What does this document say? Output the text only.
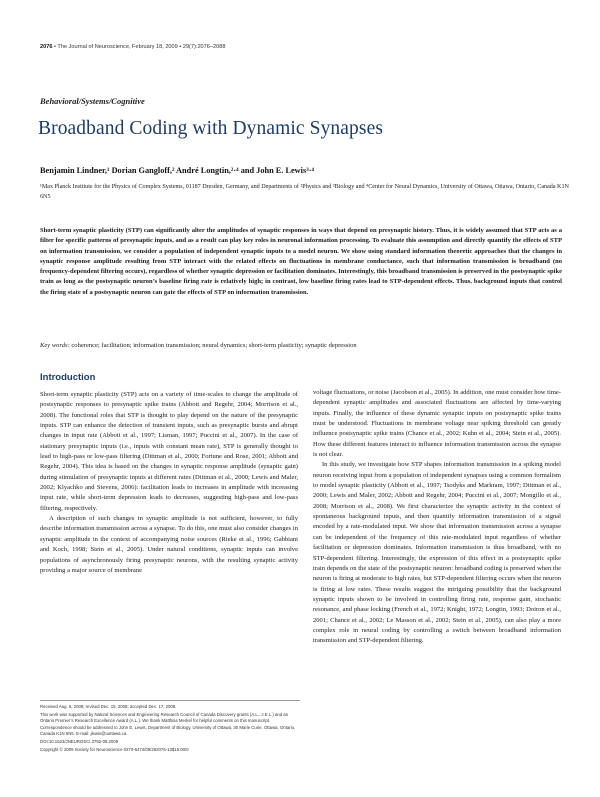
2076 • The Journal of Neuroscience, February 18, 2009 • 29(7):2076–2088
Behavioral/Systems/Cognitive
Broadband Coding with Dynamic Synapses
Benjamin Lindner,¹ Dorian Gangloff,² André Longtin,²·⁴ and John E. Lewis³·⁴
¹Max Planck Institute for the Physics of Complex Systems, 01187 Dresden, Germany, and Departments of ²Physics and ³Biology and ⁴Center for Neural Dynamics, University of Ottawa, Ottawa, Ontario, Canada K1N 6N5
Short-term synaptic plasticity (STP) can significantly alter the amplitudes of synaptic responses in ways that depend on presynaptic history. Thus, it is widely assumed that STP acts as a filter for specific patterns of presynaptic inputs, and as a result can play key roles in neuronal information processing. To evaluate this assumption and directly quantify the effects of STP on information transmission, we consider a population of independent synaptic inputs to a model neuron. We show using standard information theoretic approaches that the changes in synaptic response amplitude resulting from STP interact with the related effects on fluctuations in membrane conductance, such that information transmission is broadband (no frequency-dependent filtering occurs), regardless of whether synaptic depression or facilitation dominates. Interestingly, this broadband transmission is preserved in the postsynaptic spike train as long as the postsynaptic neuron’s baseline firing rate is relatively high; in contrast, low baseline firing rates lead to STP-dependent effects. Thus, background inputs that control the firing state of a postsynaptic neuron can gate the effects of STP on information transmission.
Key words: coherence; facilitation; information transmission; neural dynamics; short-term plasticity; synaptic depression
Introduction

Short-term synaptic plasticity (STP) acts on a variety of time-scales to change the amplitude of postsynaptic responses to presynaptic spike trains (Abbott and Regehr, 2004; Morrison et al., 2008). The functional roles that STP is thought to play depend on the nature of the presynaptic inputs. STP can enhance the detection of transient inputs, such as presynaptic bursts and abrupt changes in input rate (Abbott et al., 1997; Lisman, 1997; Puccini et al., 2007). In the case of stationary presynaptic inputs (i.e., inputs with constant mean rate), STP is generally thought to lead to high-pass or low-pass filtering (Dittman et al., 2000; Fortune and Rose, 2001; Abbott and Regehr, 2004). This idea is based on the changes in synaptic response amplitude (synaptic gain) during stimulation of presynaptic inputs at different rates (Dittman et al., 2000; Lewis and Maler, 2002; Klyachko and Stevens, 2006): facilitation leads to increases in amplitude with increasing input rate, while short-term depression leads to decreases, suggesting high-pass and low-pass filtering, respectively.

A description of such changes in synaptic amplitude is not sufficient, however, to fully describe information transmission across a synapse. To do this, one must also consider changes in synaptic amplitude in the context of accompanying noise sources (Rieke et al., 1996; Gabbiani and Koch, 1998; Stein et al., 2005). Under natural conditions, synaptic inputs can involve populations of asynchronously firing presynaptic neurons, with the resulting synaptic activity providing a major source of membrane

voltage fluctuations, or noise (Jacobson et al., 2005). In addition, one must consider how time-dependent synaptic amplitudes and associated fluctuations are affected by time-varying inputs. Finally, the influence of these dynamic synaptic inputs on postsynaptic spike trains must be understood. Fluctuations in membrane voltage near spiking threshold can greatly influence postsynaptic spike trains (Chance et al., 2002; Kuhn et al., 2004; Stein et al., 2005). How these different features interact to influence information transmission across the synapse is not clear.

In this study, we investigate how STP shapes information transmission in a spiking model neuron receiving input from a population of independent synapses using a common formalism to model synaptic plasticity (Abbott et al., 1997; Tsodyks and Markram, 1997; Dittman et al., 2000; Lewis and Maler, 2002; Abbott and Regehr, 2004; Puccini et al., 2007; Mongillo et al., 2008; Morrison et al., 2008). We first characterize the synaptic activity in the context of spontaneous background inputs, and then quantify information transmission of a signal encoded by a rate-modulated input. We show that information transmission across a synapse can be independent of the frequency of this rate-modulated input regardless of whether facilitation or depression dominates. Information transmission is thus broadband, with no STP-dependent filtering. Interestingly, the expression of this effect in a postsynaptic spike train depends on the state of the postsynaptic neuron: broadband coding is preserved when the neuron is firing at moderate to high rates, but STP-dependent filtering occurs when the neuron is firing at low rates. These results suggest the intriguing possibility that the background synaptic inputs shown to be involved in controlling firing rate, response gain, stochastic resonance, and phase locking (French et al., 1972; Knight, 1972; Longtin, 1993; Doiron et al., 2001; Chance et al., 2002; Le Masson et al., 2002; Stein et al., 2005), can also play a more complex role in neural coding by controlling a switch between broadband information transmission and STP-dependent filtering.

Received Aug. 5, 2008; revised Dec. 15, 2008; accepted Dec. 17, 2008.
This work was supported by Natural Sciences and Engineering Research Council of Canada Discovery grants (A.L., J.E.L.) and an Ontario Premier’s Research Excellence Award (A.L.). We thank Matthias Merkel for helpful comments on this manuscript.
Correspondence should be addressed to John E. Lewis, Department of Biology, University of Ottawa, 30 Marie Curie, Ottawa, Ontario, Canada K1N 6N5. E-mail: jlewis@uottawa.ca.
DOI:10.1523/JNEUROSCI.3792-08.2009
Copyright © 2009 Society for Neuroscience 0270-6474/09/292076-13$15.00/0
